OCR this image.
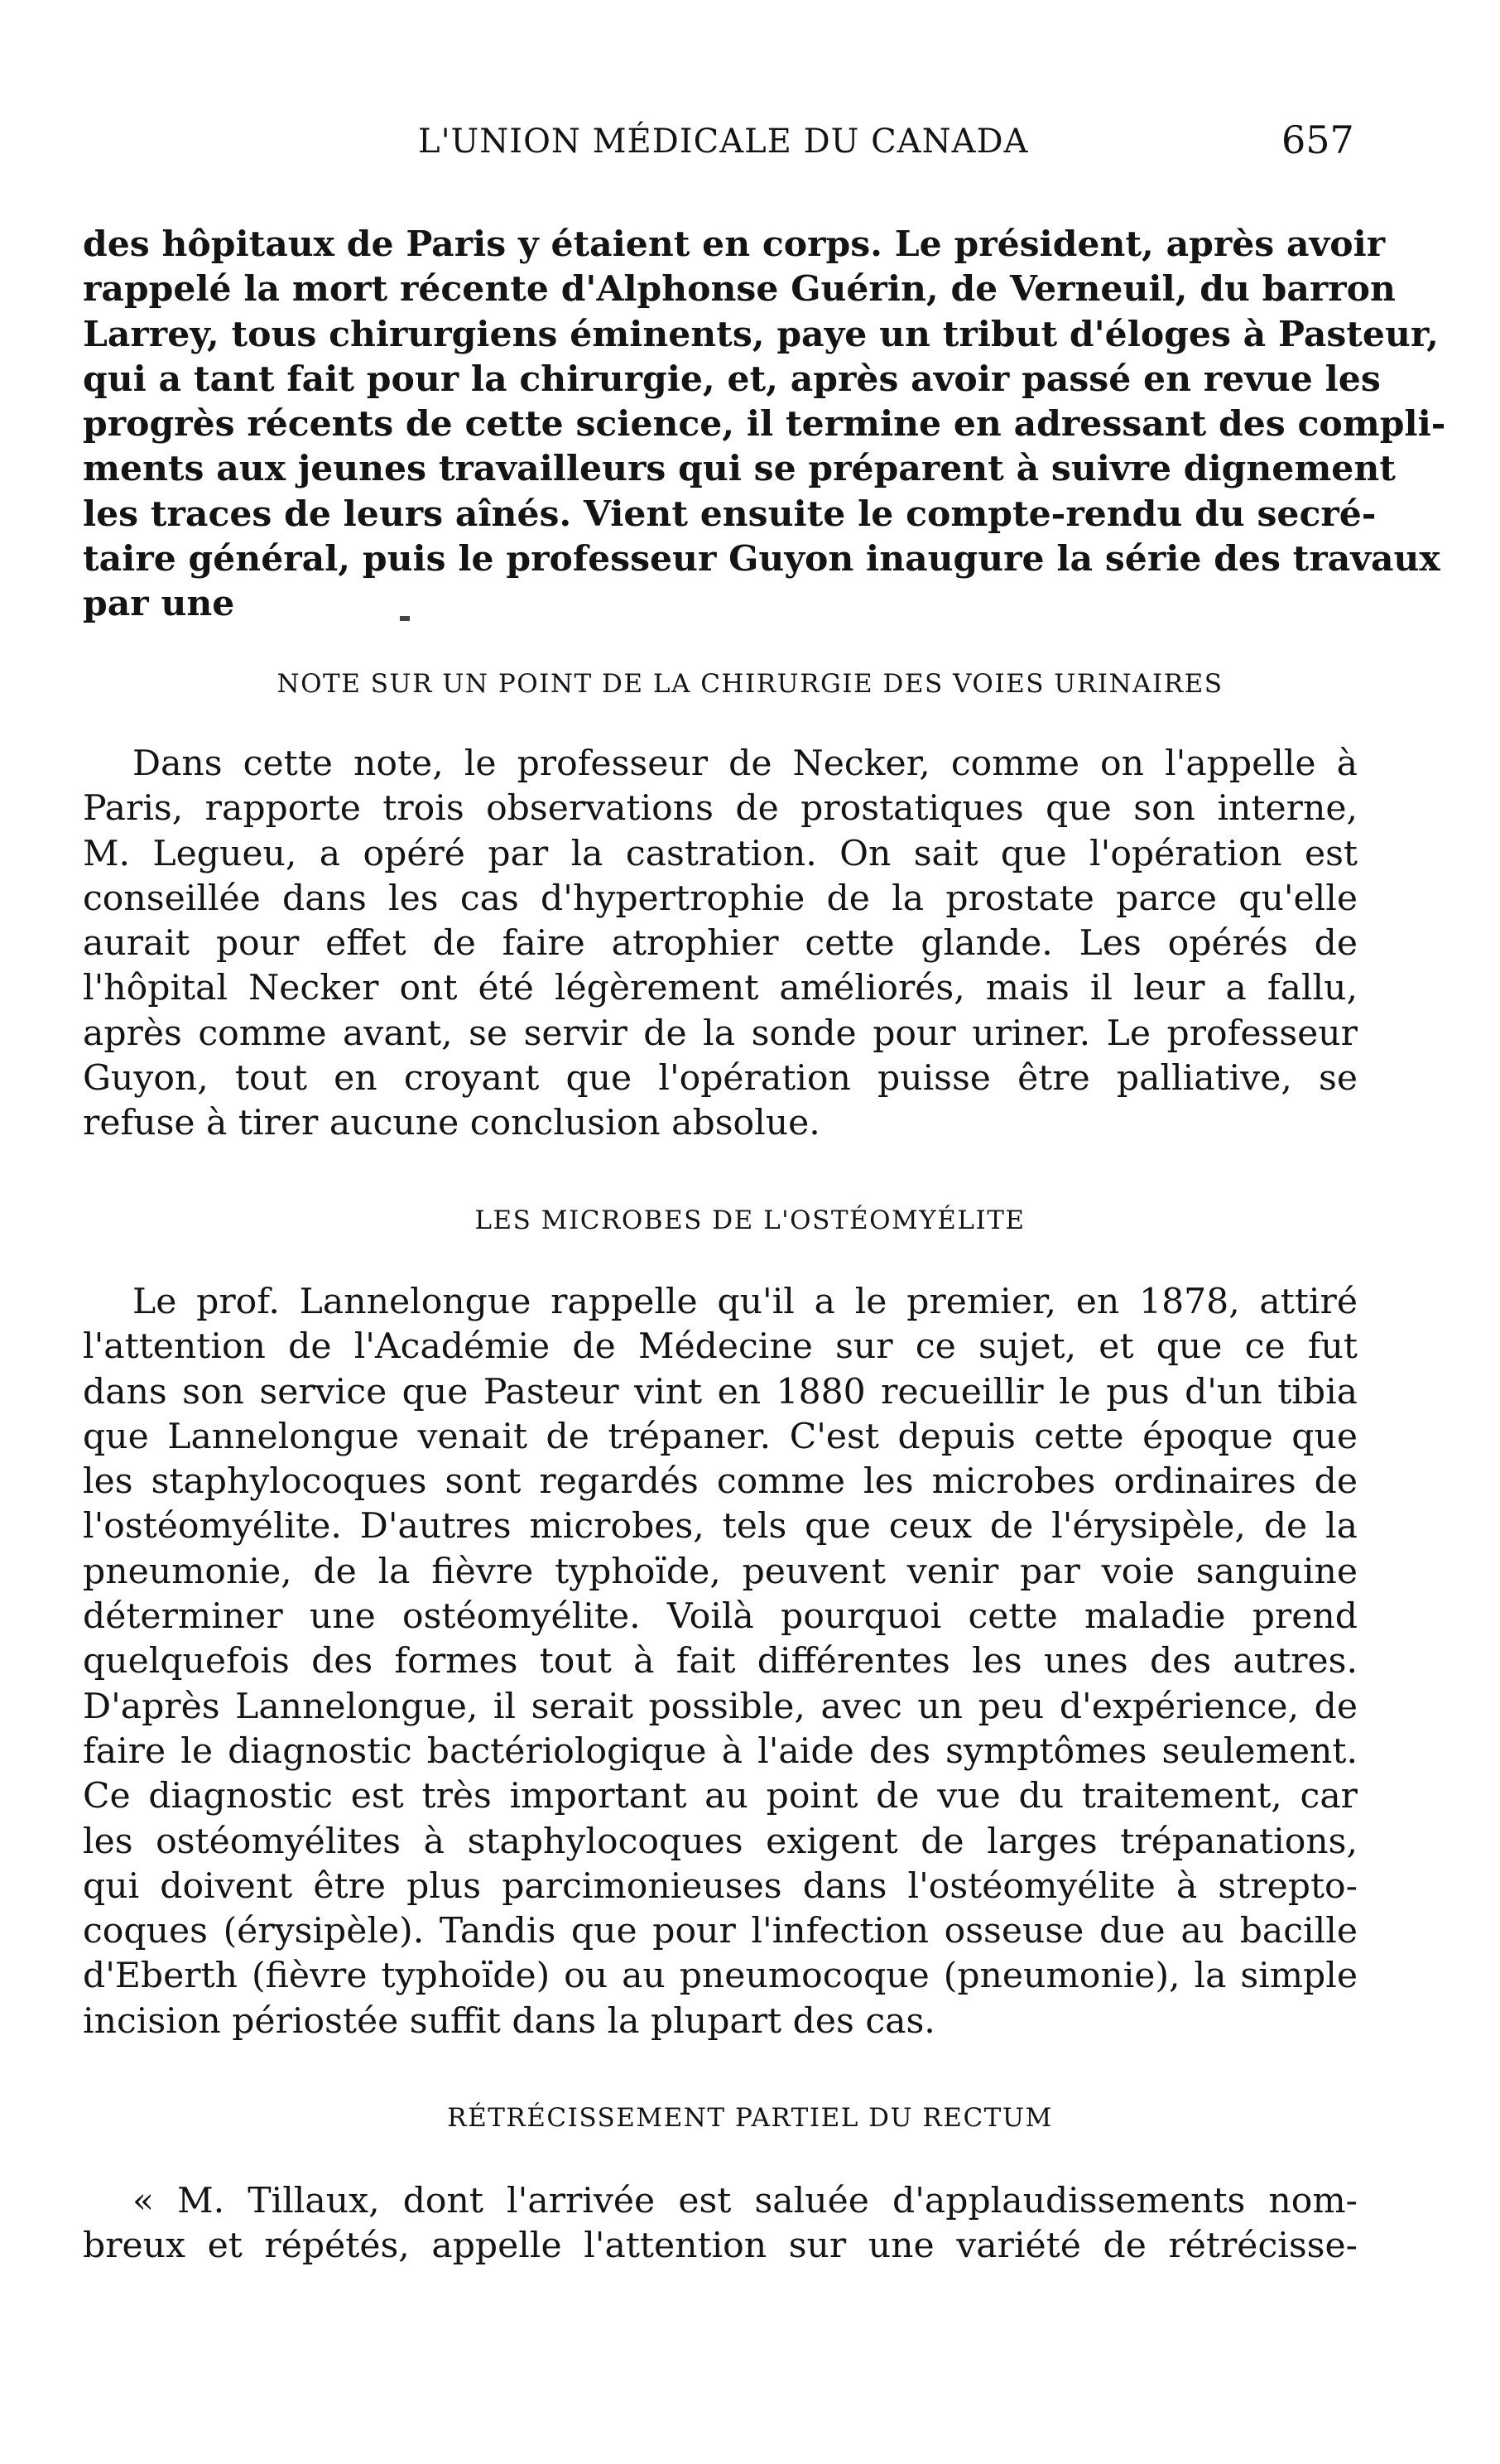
L'UNION MÉDICALE DU CANADA	657
des hôpitaux de Paris y étaient en corps. Le président, après avoir
rappelé la mort récente d'Alphonse Guérin, de Verneuil, du barron
Larrey, tous chirurgiens éminents, paye un tribut d'éloges à Pasteur,
qui a tant fait pour la chirurgie, et, après avoir passé en revue les
progrès récents de cette science, il termine en adressant des compli-
ments aux jeunes travailleurs qui se préparent à suivre dignement
les traces de leurs aînés. Vient ensuite le compte-rendu du secré-
taire général, puis le professeur Guyon inaugure la série des travaux
par une
NOTE SUR UN POINT DE LA CHIRURGIE DES VOIES URINAIRES
Dans cette note, le professeur de Necker, comme on l'appelle à
Paris, rapporte trois observations de prostatiques que son interne,
M. Legueu, a opéré par la castration. On sait que l'opération est
conseillée dans les cas d'hypertrophie de la prostate parce qu'elle
aurait pour effet de faire atrophier cette glande. Les opérés de
l'hôpital Necker ont été légèrement améliorés, mais il leur a fallu,
après comme avant, se servir de la sonde pour uriner. Le professeur
Guyon, tout en croyant que l'opération puisse être palliative, se
refuse à tirer aucune conclusion absolue.
LES MICROBES DE L'OSTÉOMYÉLITE
Le prof. Lannelongue rappelle qu'il a le premier, en 1878, attiré
l'attention de l'Académie de Médecine sur ce sujet, et que ce fut
dans son service que Pasteur vint en 1880 recueillir le pus d'un tibia
que Lannelongue venait de trépaner. C'est depuis cette époque que
les staphylocoques sont regardés comme les microbes ordinaires de
l'ostéomyélite. D'autres microbes, tels que ceux de l'érysipèle, de la
pneumonie, de la fièvre typhoïde, peuvent venir par voie sanguine
déterminer une ostéomyélite. Voilà pourquoi cette maladie prend
quelquefois des formes tout à fait différentes les unes des autres.
D'après Lannelongue, il serait possible, avec un peu d'expérience, de
faire le diagnostic bactériologique à l'aide des symptômes seulement.
Ce diagnostic est très important au point de vue du traitement, car
les ostéomyélites à staphylocoques exigent de larges trépanations,
qui doivent être plus parcimonieuses dans l'ostéomyélite à strepto-
coques (érysipèle). Tandis que pour l'infection osseuse due au bacille
d'Eberth (fièvre typhoïde) ou au pneumocoque (pneumonie), la simple
incision périostée suffit dans la plupart des cas.
RÉTRÉCISSEMENT PARTIEL DU RECTUM
« M. Tillaux, dont l'arrivée est saluée d'applaudissements nom-
breux et répétés, appelle l'attention sur une variété de rétrécisse-
